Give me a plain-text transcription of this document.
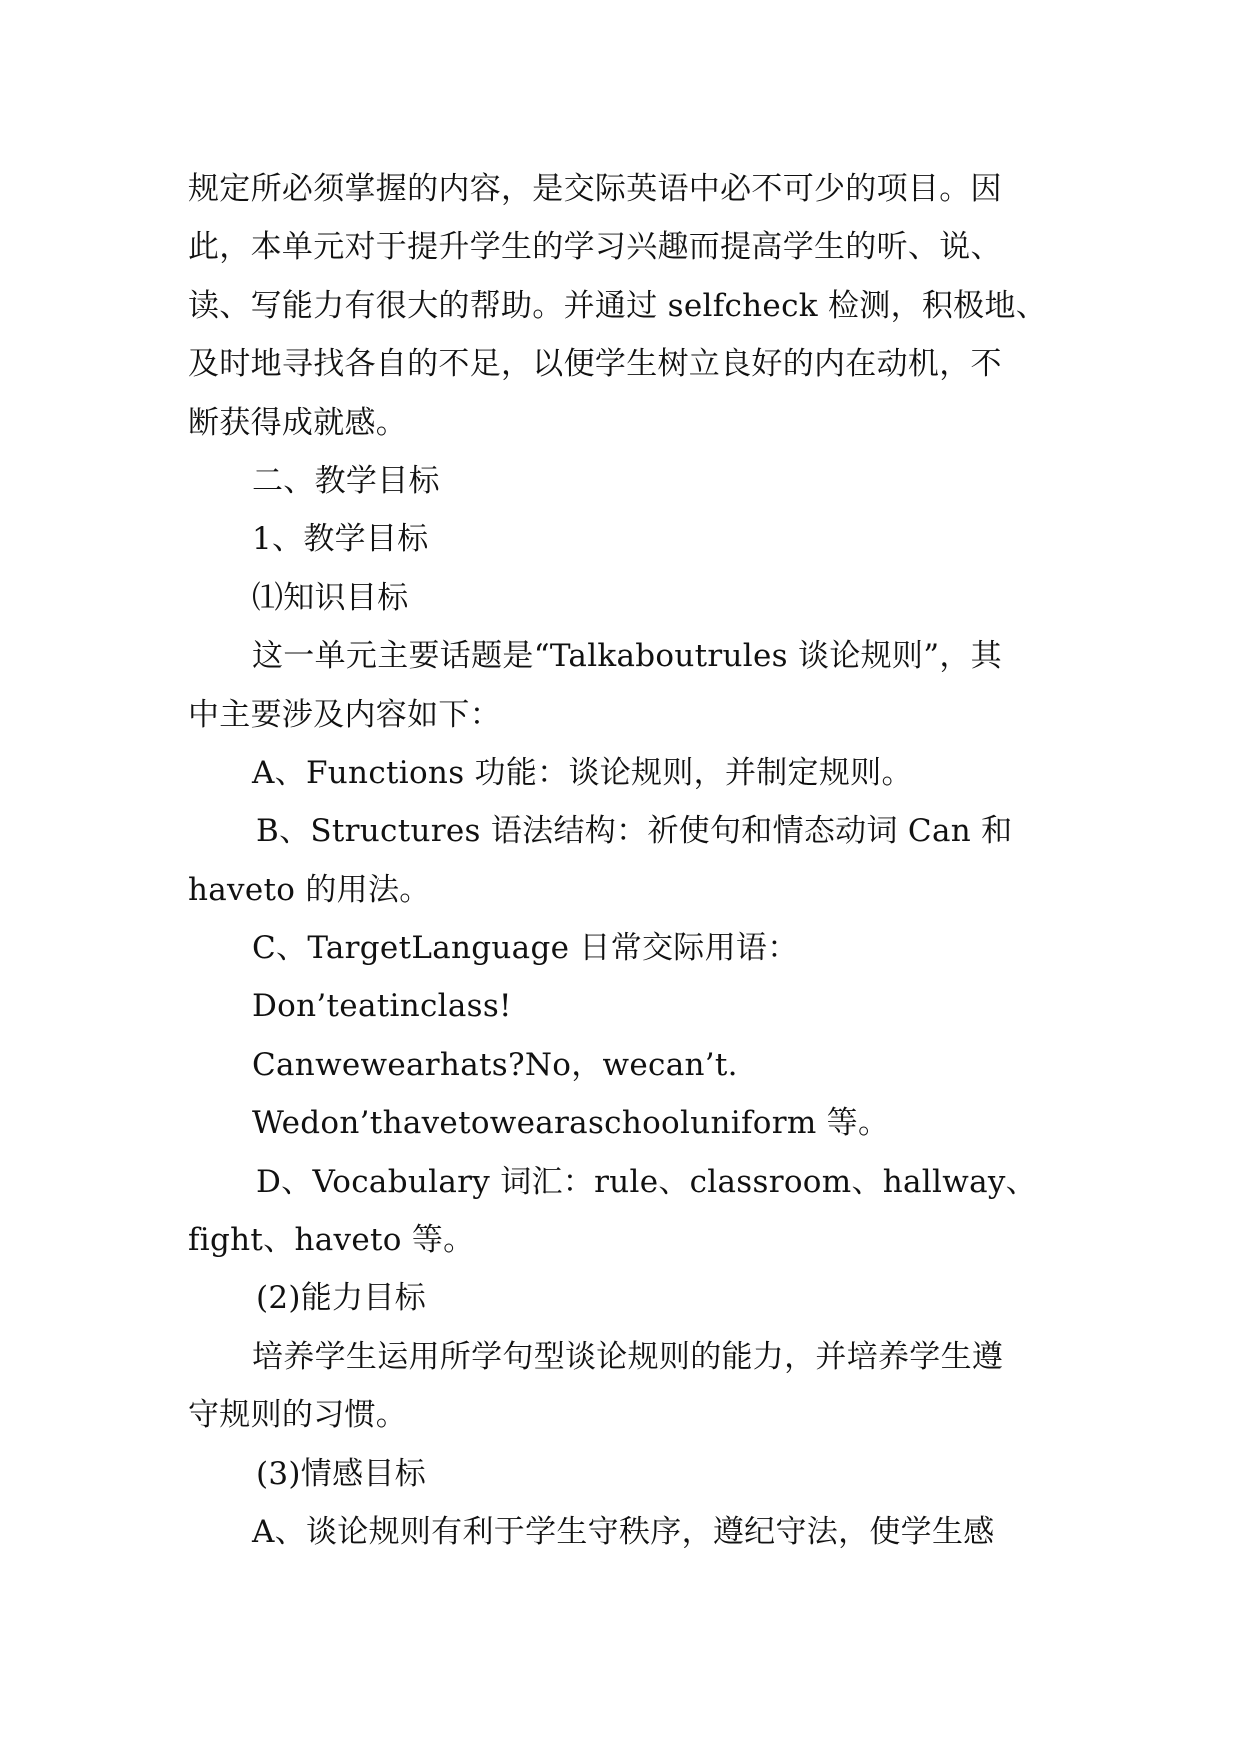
规定所必须掌握的内容，是交际英语中必不可少的项目。因
此，本单元对于提升学生的学习兴趣而提高学生的听、说、
读、写能力有很大的帮助。并通过 selfcheck 检测，积极地、
及时地寻找各自的不足，以便学生树立良好的内在动机，不
断获得成就感。
二、教学目标
1、教学目标
⑴知识目标
这一单元主要话题是“Talkaboutrules 谈论规则”，其
中主要涉及内容如下：
A、Functions 功能：谈论规则，并制定规则。
B、Structures 语法结构：祈使句和情态动词 Can 和
haveto 的用法。
C、TargetLanguage 日常交际用语：
Don’teatinclass!
Canwewearhats?No，wecan’t.
Wedon’thavetowearaschooluniform 等。
D、Vocabulary 词汇：rule、classroom、hallway、
fight、haveto 等。
(2)能力目标
培养学生运用所学句型谈论规则的能力，并培养学生遵
守规则的习惯。
(3)情感目标
A、谈论规则有利于学生守秩序，遵纪守法，使学生感
